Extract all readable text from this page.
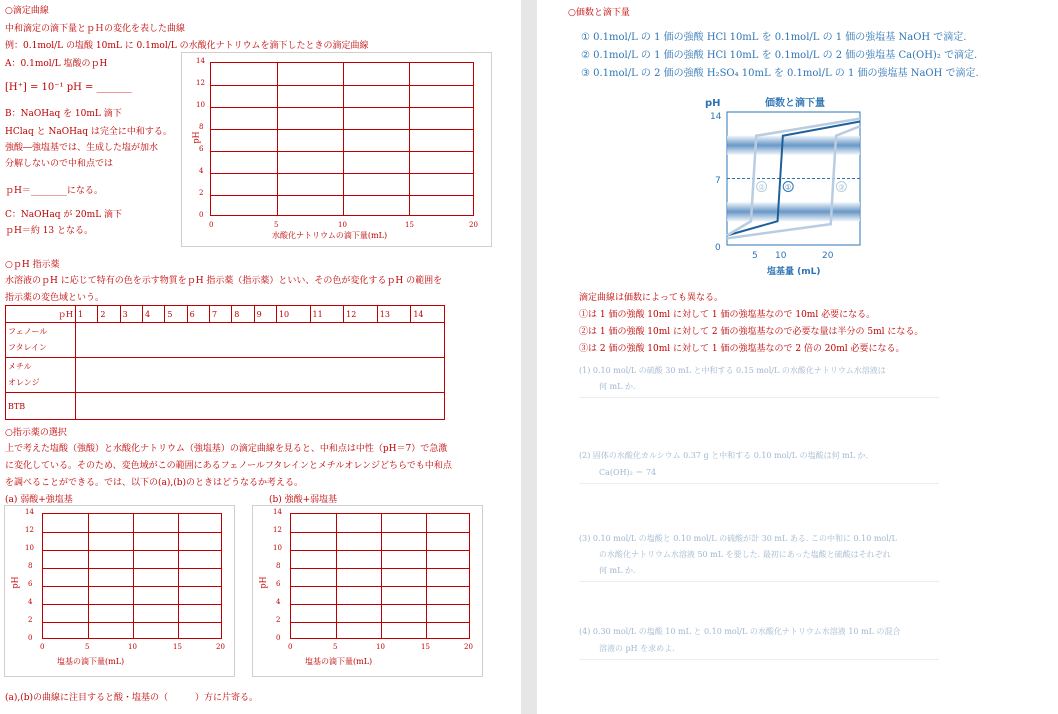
○滴定曲線
中和滴定の滴下量とｐＨの変化を表した曲線
例：0.1mol/L の塩酸 10mL に 0.1mol/L の水酸化ナトリウムを滴下したときの滴定曲線
A：0.1mol/L 塩酸のｐH
[H⁺] = 10⁻¹ pH = _______
B：NaOHaq を 10mL 滴下
HClaq と NaOHaq は完全に中和する。
強酸―強塩基では、生成した塩が加水
分解しないので中和点では
ｐH＝________になる。
C：NaOHaq が 20mL 滴下
ｐH＝約 13 となる。
pH
14
12
10
8
6
4
2
0
0	5	10	15	20
水酸化ナトリウムの滴下量(mL)
○ｐH 指示薬
水溶液のｐH に応じて特有の色を示す物質をｐH 指示薬（指示薬）といい、その色が変化するｐH の範囲を
指示薬の変色域という。
ｐH	1	2	3	4	5	6	7	8	9	10	11	12	13	14

フェノール
フタレイン														

メチル
オレンジ														

BTB														
○指示薬の選択
上で考えた塩酸（強酸）と水酸化ナトリウム（強塩基）の滴定曲線を見ると、中和点は中性（pH＝7）で急激
に変化している。そのため、変色域がこの範囲にあるフェノールフタレインとメチルオレンジどちらでも中和点
を調べることができる。では、以下の(a),(b)のときはどうなるか考える。
(a) 弱酸+強塩基	(b) 強酸+弱塩基
pH
14
12
10
8
6
4
2
0
0	5	10	15	20
塩基の滴下量(mL)
pH
14
12
10
8
6
4
2
0
0	5	10	15	20
塩基の滴下量(mL)
(a),(b)の曲線に注目すると酸・塩基の（　　　）方に片寄る。
○価数と滴下量
① 0.1mol/L の 1 価の強酸 HCl 10mL を 0.1mol/L の 1 価の強塩基 NaOH で滴定.
② 0.1mol/L の 1 価の強酸 HCl 10mL を 0.1mol/L の 2 価の強塩基 Ca(OH)₂ で滴定.
③ 0.1mol/L の 2 価の強酸 H₂SO₄ 10mL を 0.1mol/L の 1 価の強塩基 NaOH で滴定.
①
②	③
pH	価数と滴下量
14
7
0
5 10	20
塩基量 (mL)
滴定曲線は価数によっても異なる。
①は 1 価の強酸 10ml に対して 1 価の強塩基なので 10ml 必要になる。
②は 1 価の強酸 10ml に対して 2 価の強塩基なので必要な量は半分の 5ml になる。
③は 2 価の強酸 10ml に対して 1 価の強塩基なので 2 倍の 20ml 必要になる。
(1) 0.10 mol/L の硫酸 30 mL と中和する 0.15 mol/L の水酸化ナトリウム水溶液は
何 mL か.
(2) 固体の水酸化カルシウム 0.37 g と中和する 0.10 mol/L の塩酸は何 mL か.
Ca(OH)₂ ＝ 74
(3) 0.10 mol/L の塩酸と 0.10 mol/L の硫酸が計 30 mL ある. この中和に 0.10 mol/L
の水酸化ナトリウム水溶液 50 mL を要した. 最初にあった塩酸と硫酸はそれぞれ
何 mL か.
(4) 0.30 mol/L の塩酸 10 mL と 0.10 mol/L の水酸化ナトリウム水溶液 10 mL の混合
溶液の pH を求めよ.
